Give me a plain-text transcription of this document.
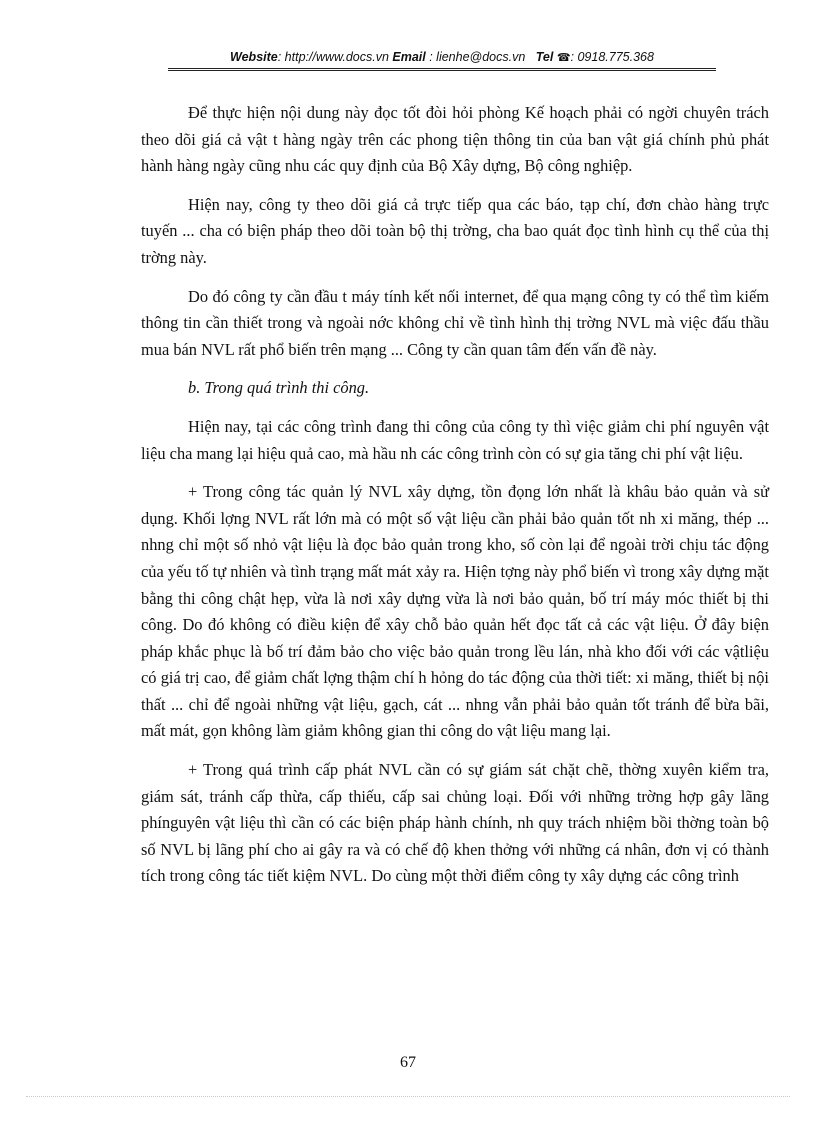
Website: http://www.docs.vn Email : lienhe@docs.vn Tel ☎: 0918.775.368

Để thực hiện nội dung này đọc tốt đòi hỏi phòng Kế hoạch phải có ngời chuyên trách theo dõi giá cả vật t hàng ngày trên các phong tiện thông tin của ban vật giá chính phủ phát hành hàng ngày cũng nhu các quy định của Bộ Xây dựng, Bộ công nghiệp.

Hiện nay, công ty theo dõi giá cả trực tiếp qua các báo, tạp chí, đơn chào hàng trực tuyến ... cha có biện pháp theo dõi toàn bộ thị trờng, cha bao quát đọc tình hình cụ thể của thị trờng này.

Do đó công ty cần đầu t máy tính kết nối internet, để qua mạng công ty có thể tìm kiếm thông tin cần thiết trong và ngoài nớc không chỉ về tình hình thị trờng NVL mà việc đấu thầu mua bán NVL rất phổ biến trên mạng ... Công ty cần quan tâm đến vấn đề này.

b. Trong quá trình thi công.

Hiện nay, tại các công trình đang thi công của công ty thì việc giảm chi phí nguyên vật liệu cha mang lại hiệu quả cao, mà hầu nh các công trình còn có sự gia tăng chi phí vật liệu.

+ Trong công tác quản lý NVL xây dựng, tồn đọng lớn nhất là khâu bảo quản và sử dụng. Khối lợng NVL rất lớn mà có một số vật liệu cần phải bảo quản tốt nh xi măng, thép ... nhng chỉ một số nhỏ vật liệu là đọc bảo quản trong kho, số còn lại để ngoài trời chịu tác động của yếu tố tự nhiên và tình trạng mất mát xảy ra. Hiện tợng này phổ biến vì trong xây dựng mặt bằng thi công chật hẹp, vừa là nơi xây dựng vừa là nơi bảo quản, bố trí máy móc thiết bị thi công. Do đó không có điều kiện để xây chỗ bảo quản hết đọc tất cả các vật liệu. Ở đây biện pháp khắc phục là bố trí đảm bảo cho việc bảo quản trong lều lán, nhà kho đối với các vậtliệu có giá trị cao, để giảm chất lợng thậm chí h hỏng do tác động của thời tiết: xi măng, thiết bị nội thất ... chỉ để ngoài những vật liệu, gạch, cát ... nhng vẫn phải bảo quản tốt tránh để bừa bãi, mất mát, gọn không làm giảm không gian thi công do vật liệu mang lại.

+ Trong quá trình cấp phát NVL cần có sự giám sát chặt chẽ, thờng xuyên kiểm tra, giám sát, tránh cấp thừa, cấp thiếu, cấp sai chủng loại. Đối với những trờng hợp gây lãng phínguyên vật liệu thì cần có các biện pháp hành chính, nh quy trách nhiệm bồi thờng toàn bộ số NVL bị lãng phí cho ai gây ra và có chế độ khen thởng với những cá nhân, đơn vị có thành tích trong công tác tiết kiệm NVL. Do cùng một thời điểm công ty xây dựng các công trình

67
